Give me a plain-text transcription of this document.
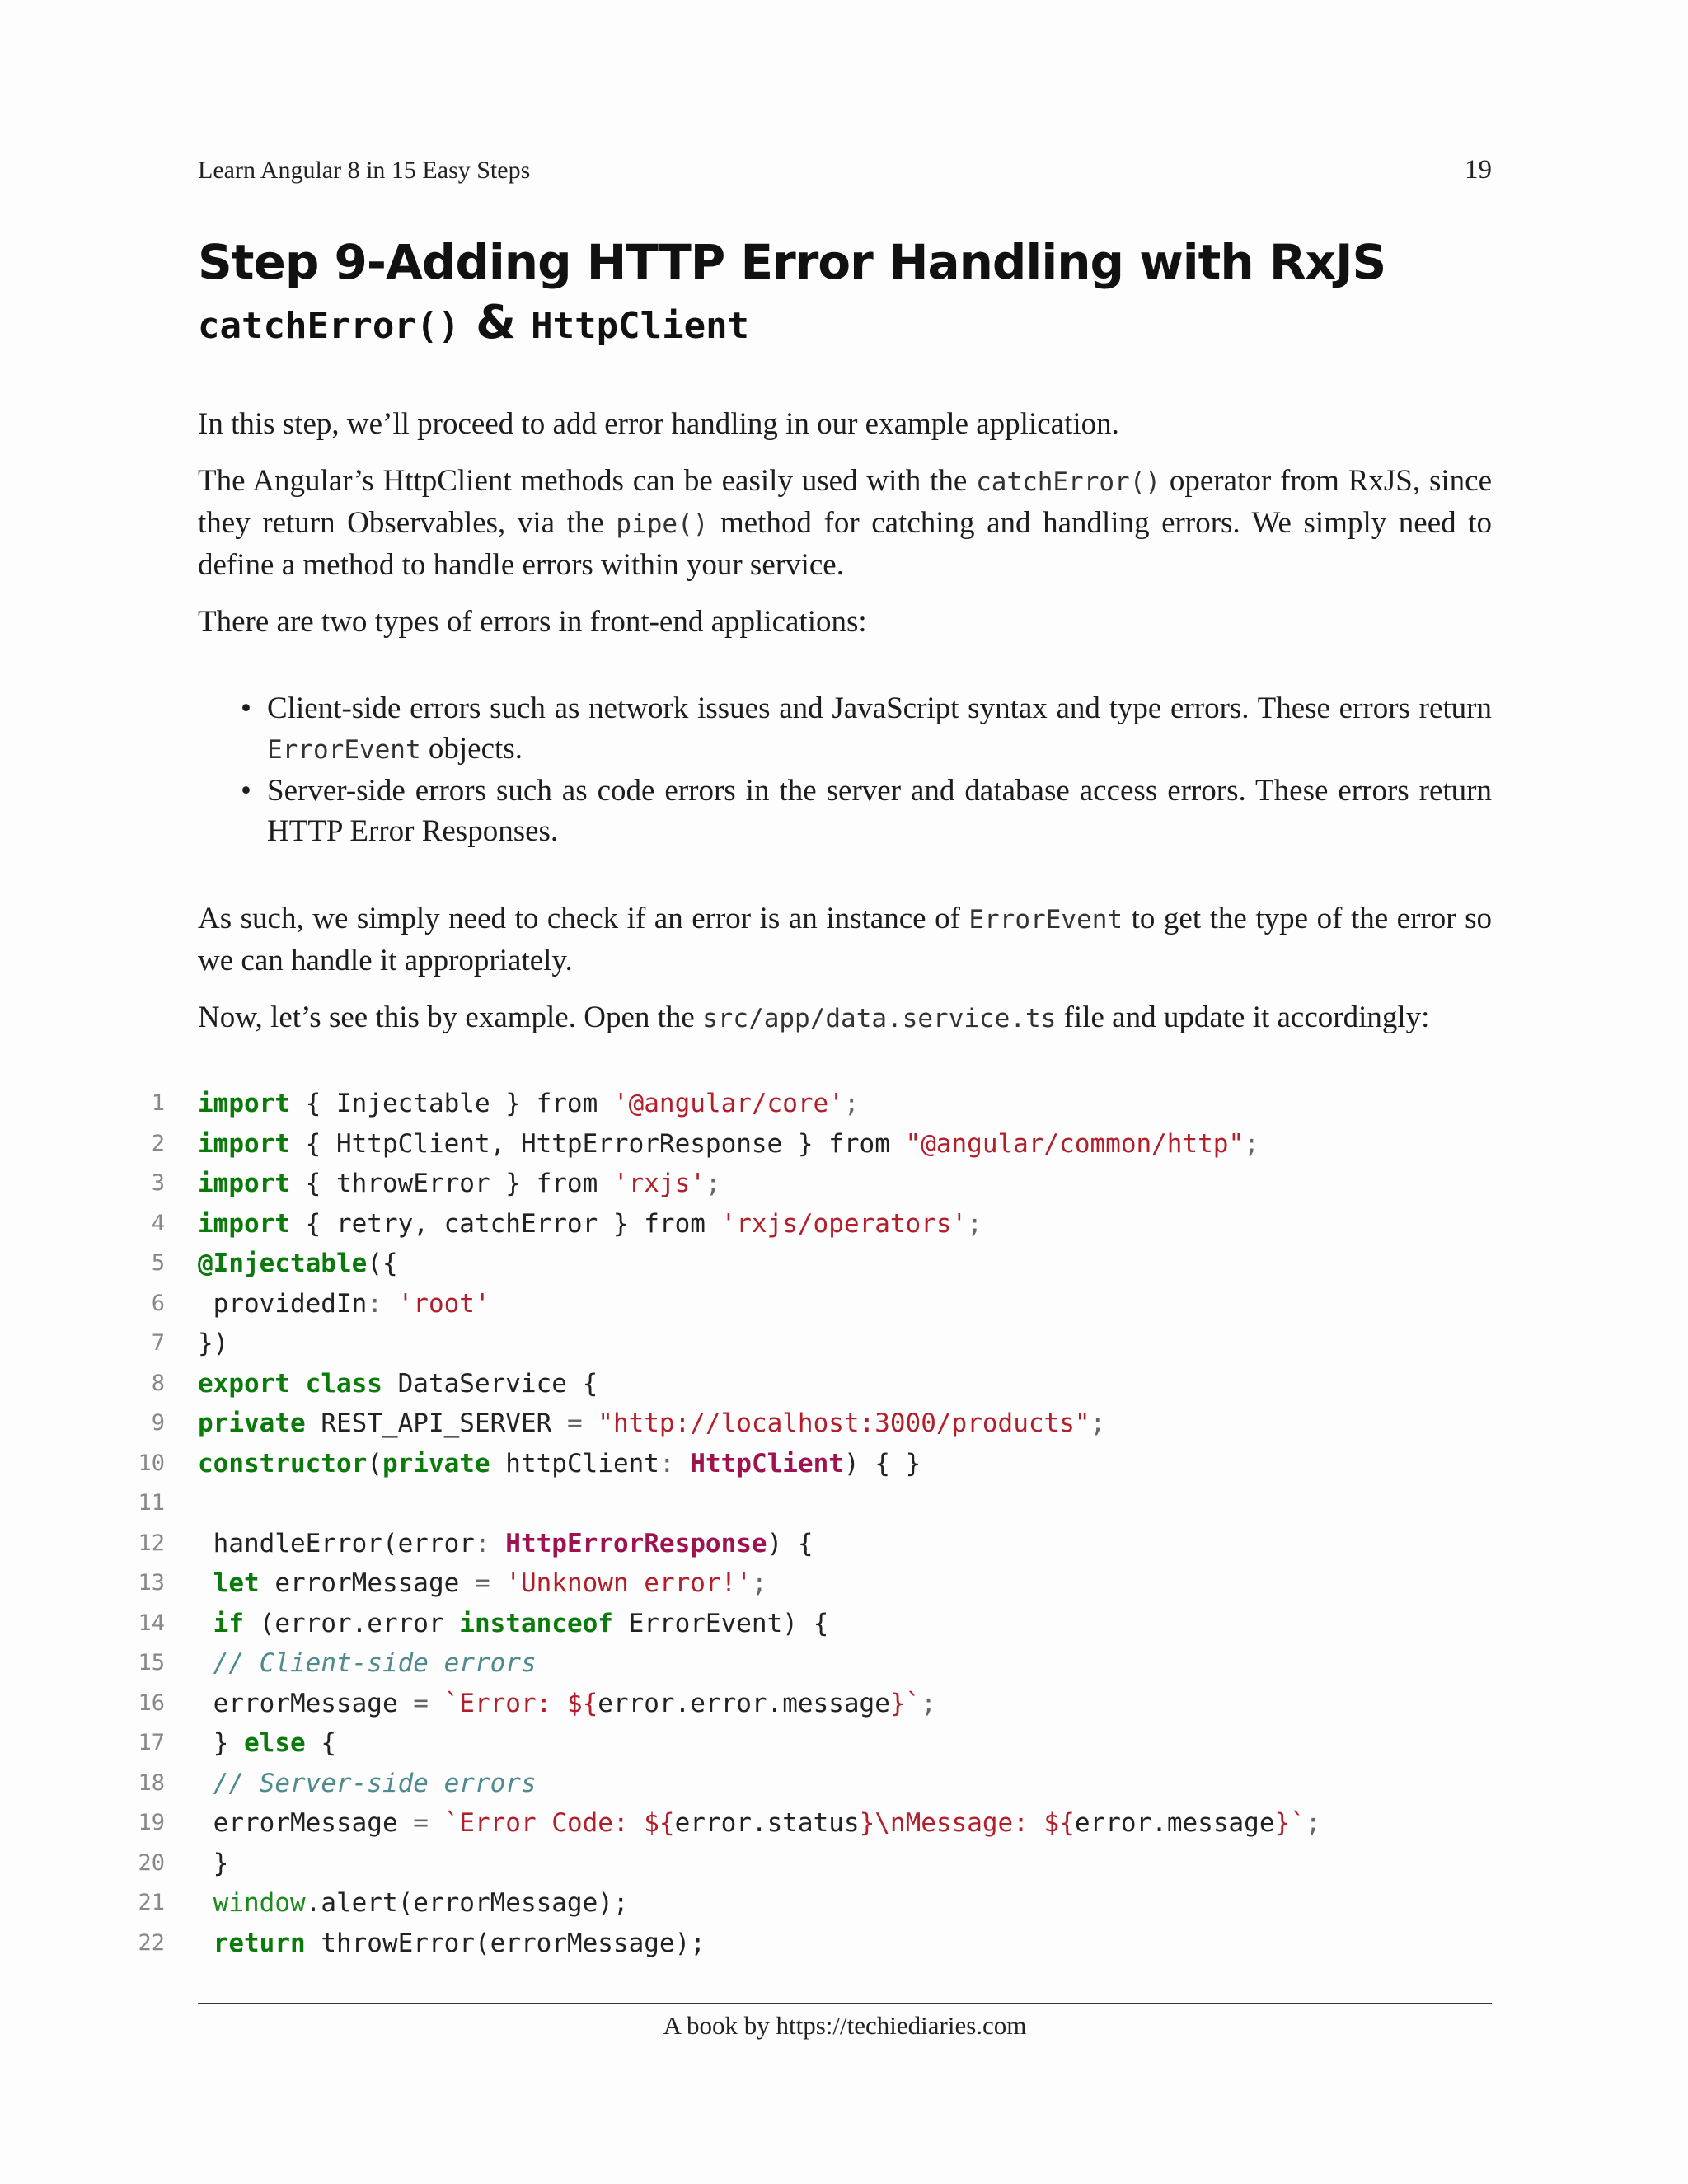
Learn Angular 8 in 15 Easy Steps	19
Step 9-Adding HTTP Error Handling with RxJS
catchError() & HttpClient

In this step, we’ll proceed to add error handling in our example application.

The Angular’s HttpClient methods can be easily used with the catchError() operator from RxJS, since they return Observables, via the pipe() method for catching and handling errors. We simply need to define a method to handle errors within your service.

There are two types of errors in front-end applications:

• Client-side errors such as network issues and JavaScript syntax and type errors. These errors return ErrorEvent objects.
• Server-side errors such as code errors in the server and database access errors. These errors return HTTP Error Responses.

As such, we simply need to check if an error is an instance of ErrorEvent to get the type of the error so we can handle it appropriately.

Now, let’s see this by example. Open the src/app/data.service.ts file and update it accordingly:

1 import { Injectable } from '@angular/core';
2 import { HttpClient, HttpErrorResponse } from "@angular/common/http";
3 import { throwError } from 'rxjs';
4 import { retry, catchError } from 'rxjs/operators';
5 @Injectable({
6 providedIn: 'root'
7 })
8 export class DataService {
9 private REST_API_SERVER = "http://localhost:3000/products";
10 constructor(private httpClient: HttpClient) { }
11
12 handleError(error: HttpErrorResponse) {
13	let errorMessage = 'Unknown error!';
14	if (error.error instanceof ErrorEvent) {
15	// Client-side errors
16 errorMessage = `Error: ${error.error.message}`;
17 } else {
18	// Server-side errors
19 errorMessage = `Error Code: ${error.status}\nMessage: ${error.message}`;
20 }
21	window.alert(errorMessage);
22	return throwError(errorMessage);
A book by https://techiediaries.com
